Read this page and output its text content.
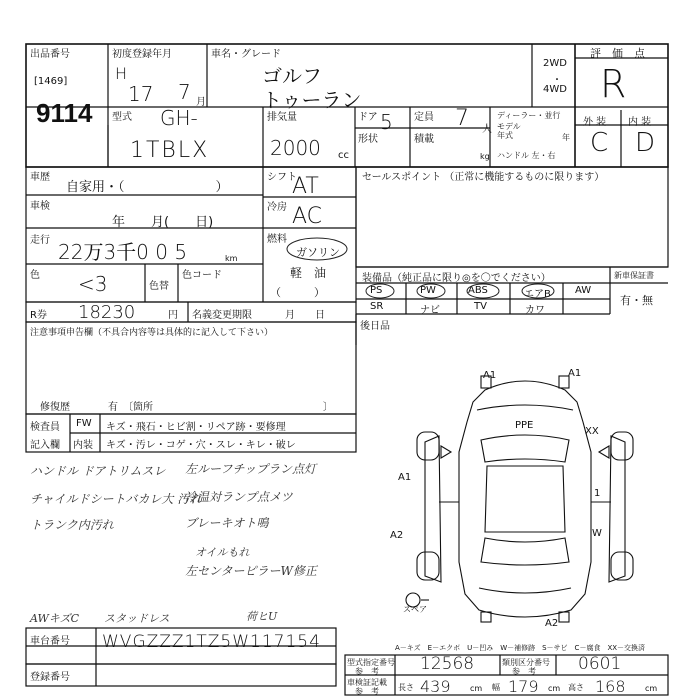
出品番号
[1469]
9114
初度登録年月
H
17 7 月
車名・グレード
ゴルフ
トゥーラン
2WD
・
4WD
評　価　点
R
型式 GH-
1TBLX
排気量
2000 cc
ドア 5 定員 7 人
形状	積載
kg
ディーラー・並行
モデル
年式	年
ハンドル 左・右
外 装 内 装
C D
車歴
自家用・（　　　　　　　）
車検
年　　月(　　日)
走行 22万3千0 0 5	km
色 <3	色替
色コード
シフト
AT
冷房 AC
燃料
ガソリン
軽　油
（　　　）
R券 18230	円 名義変更期限	月　　日
セールスポイント （正常に機能するものに限ります）
装備品（純正品に限り◎を〇でください）	新車保証書
有・無
PS	PW	ABS	エアB AW
SR	ナビ	TV	カワ
後日品
注意事項申告欄（不具合内容等は具体的に記入して下さい）
修復歴	有　〔箇所　　　　　　　　　　　　　　　　　〕
検査員
記入欄
FW キズ・飛石・ヒビ割・リペア跡・要修理
内装 キズ・汚レ・コゲ・穴・スレ・キレ・破レ
ハンドル ドアトリムスレ
チャイルドシートバカレ大 汚れ
トランク内汚れ
左ルーフチップラン点灯
冷温対ランプ点メツ
ブレーキオト鳴
オイルもれ
左センターピラーW修正
AWキズC スタッドレス	荷ヒU
A1	A1
PPE
XX
A1
A2
1
W
A2
スペア
A－キズ　E－エクボ　U－凹み　W－補修跡　S－サビ　C－腐食　XX－交換済
車台番号 WVGZZZ1TZ5W117154
登録番号
型式指定番号
参　考 12568	類別区分番号
参　考 0601
車検証記載
参　考 長さ 439 cm 幅 179 cm 高さ 168 cm
